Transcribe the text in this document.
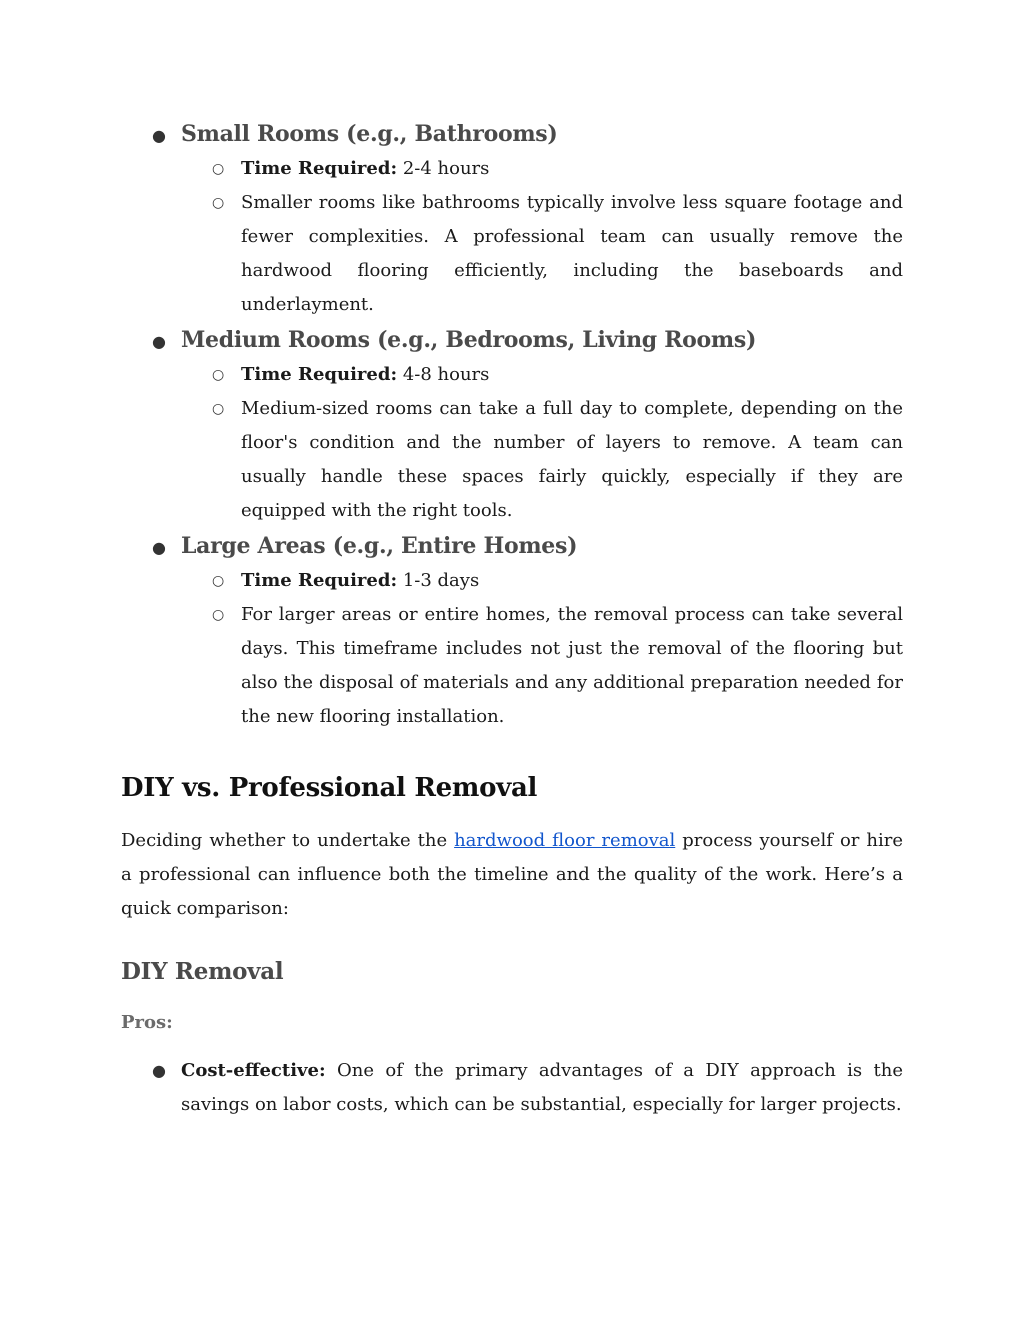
● Small Rooms (e.g., Bathrooms)
○ Time Required: 2-4 hours
○ Smaller rooms like bathrooms typically involve less square footage and fewer complexities. A professional team can usually remove the hardwood flooring efficiently, including the baseboards and underlayment.
● Medium Rooms (e.g., Bedrooms, Living Rooms)
○ Time Required: 4-8 hours
○ Medium-sized rooms can take a full day to complete, depending on the floor's condition and the number of layers to remove. A team can usually handle these spaces fairly quickly, especially if they are equipped with the right tools.
● Large Areas (e.g., Entire Homes)
○ Time Required: 1-3 days
○ For larger areas or entire homes, the removal process can take several days. This timeframe includes not just the removal of the flooring but also the disposal of materials and any additional preparation needed for the new flooring installation.
DIY vs. Professional Removal

Deciding whether to undertake the hardwood floor removal process yourself or hire a professional can influence both the timeline and the quality of the work. Here’s a quick comparison:

DIY Removal
Pros:
● Cost-effective: One of the primary advantages of a DIY approach is the savings on labor costs, which can be substantial, especially for larger projects.
